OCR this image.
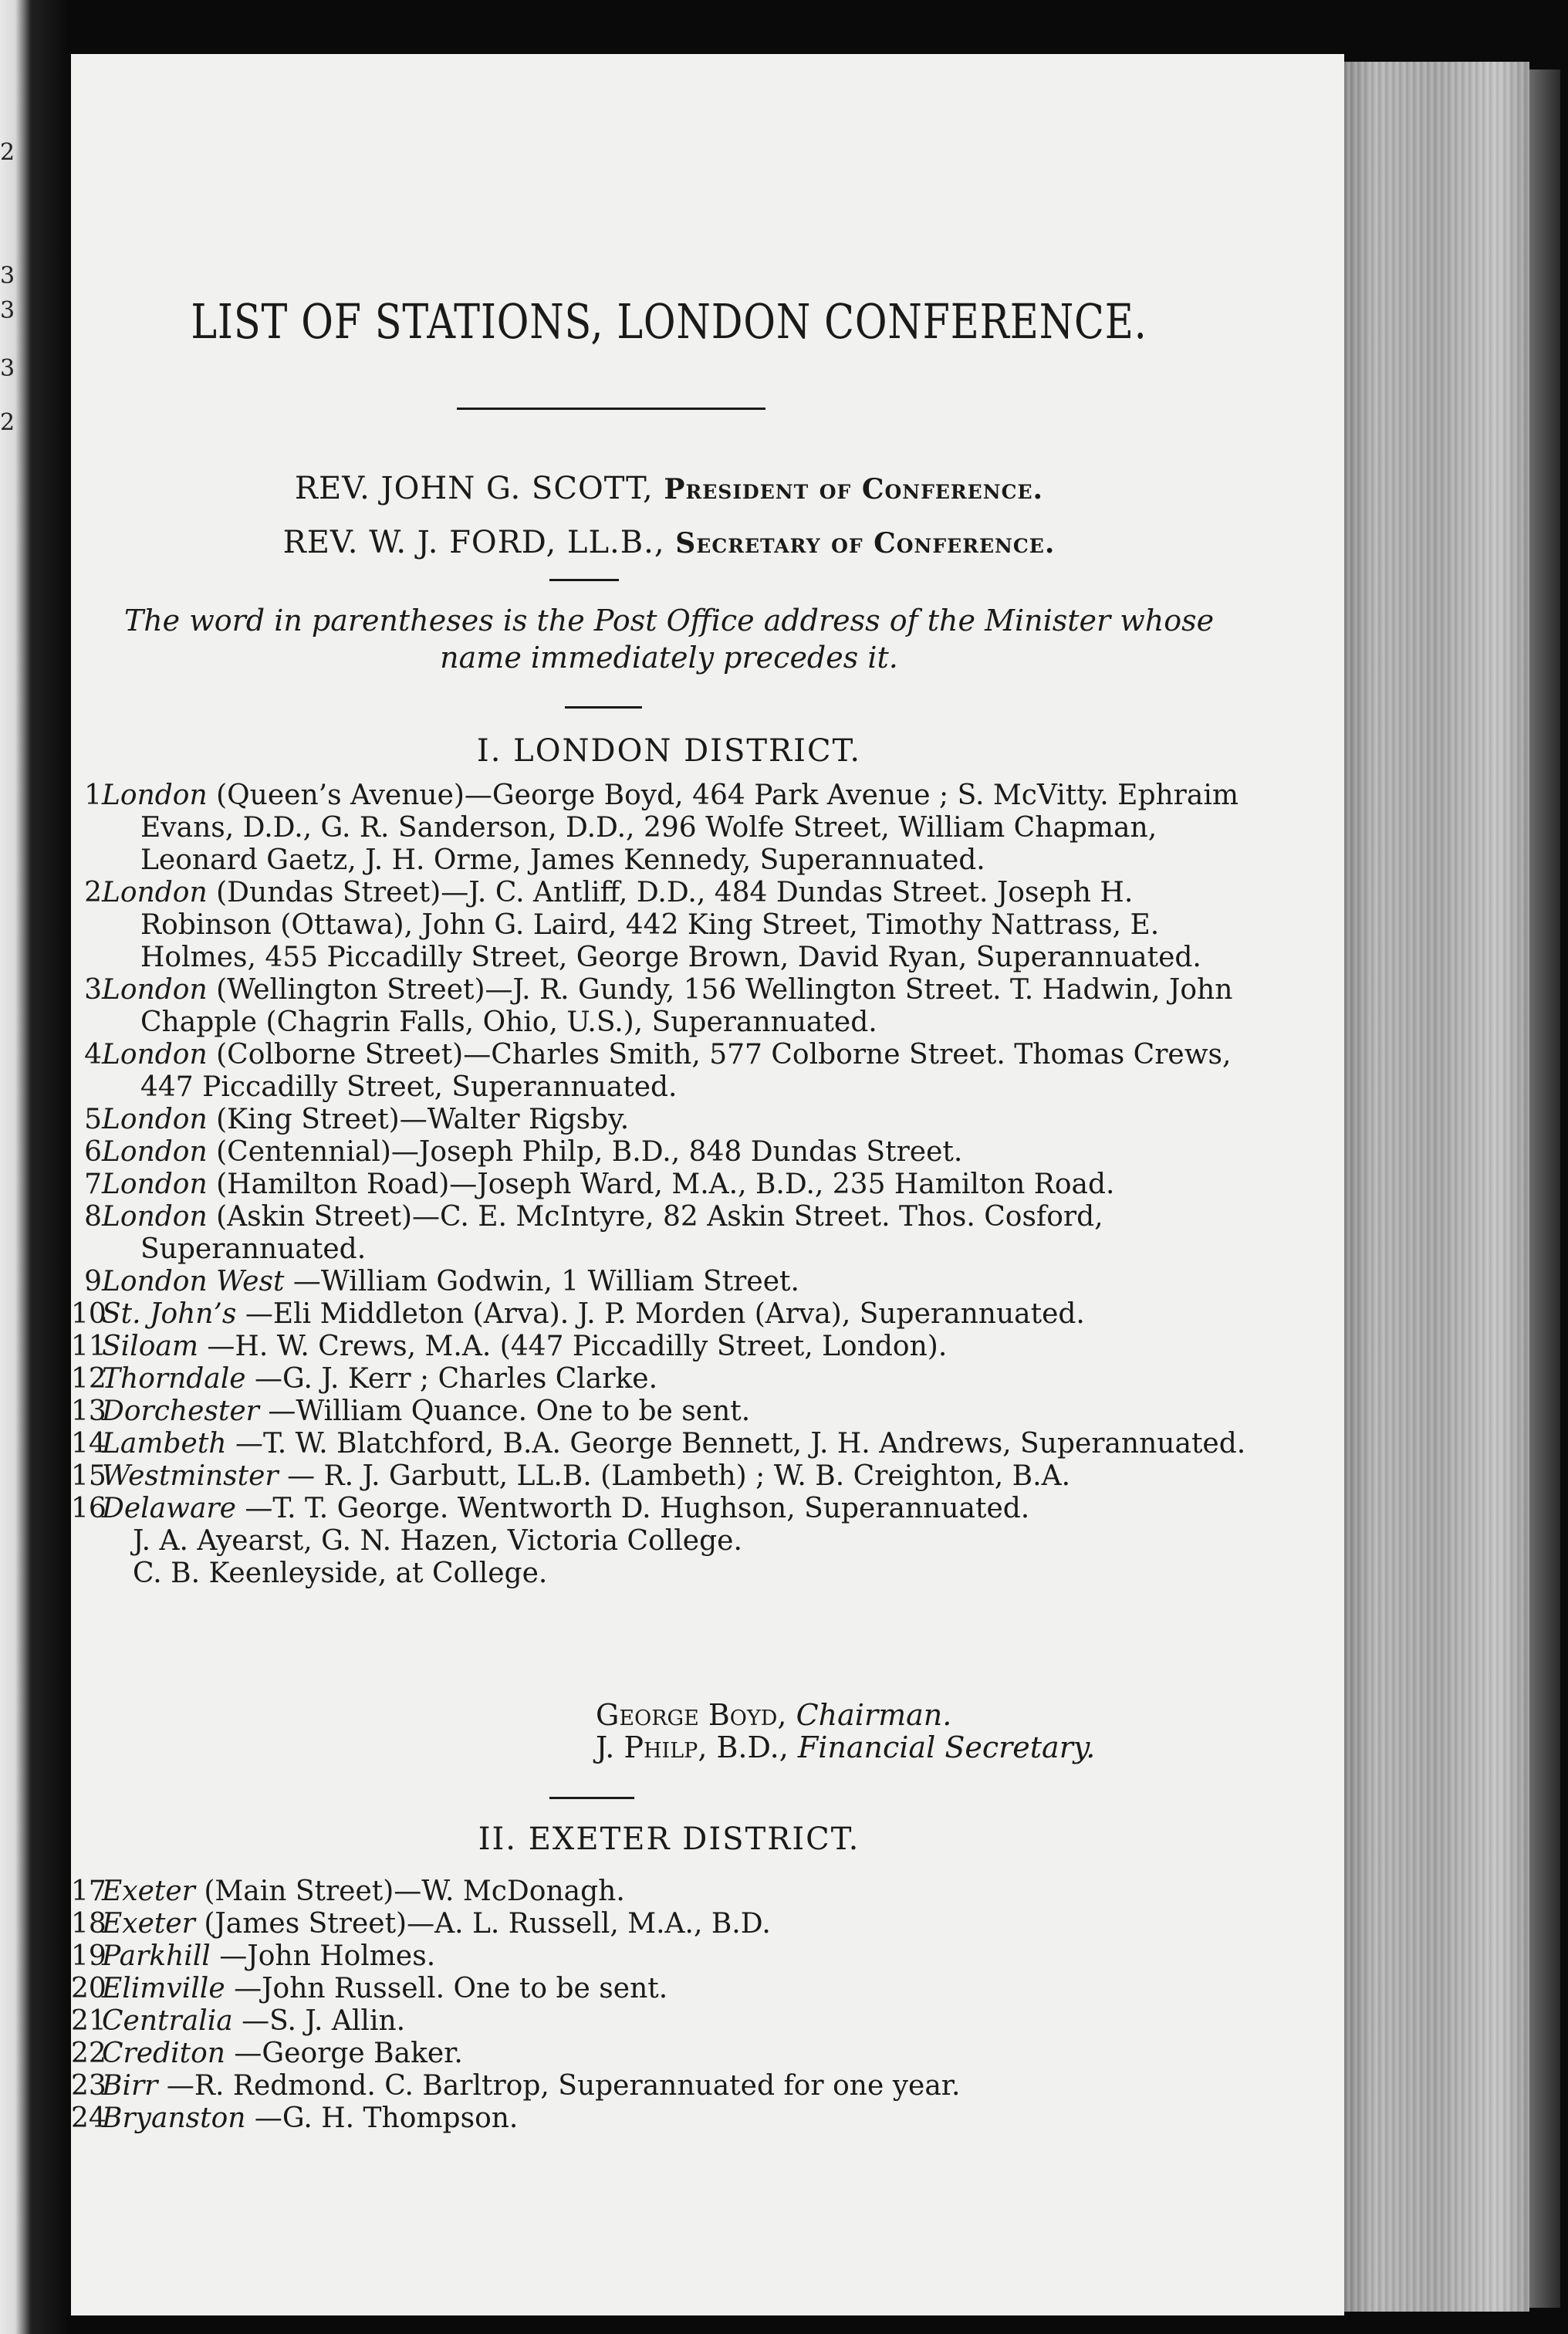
2
3
3
3
2
LIST OF STATIONS, LONDON CONFERENCE.
REV. JOHN G. SCOTT, President of Conference.
REV. W. J. FORD, LL.B., Secretary of Conference.
The word in parentheses is the Post Office address of the Minister whose
name immediately precedes it.
I. LONDON DISTRICT.
1 London (Queen’s Avenue)—George Boyd, 464 Park Avenue ; S. McVitty. Ephraim Evans, D.D., G. R. Sanderson, D.D., 296 Wolfe Street, William Chapman, Leonard Gaetz, J. H. Orme, James Kennedy, Superannuated.
2 London (Dundas Street)—J. C. Antliff, D.D., 484 Dundas Street. Joseph H. Robinson (Ottawa), John G. Laird, 442 King Street, Timothy Nattrass, E. Holmes, 455 Piccadilly Street, George Brown, David Ryan, Superannuated.
3 London (Wellington Street)—J. R. Gundy, 156 Wellington Street. T. Hadwin, John Chapple (Chagrin Falls, Ohio, U.S.), Superannuated.
4 London (Colborne Street)—Charles Smith, 577 Colborne Street. Thomas Crews, 447 Piccadilly Street, Superannuated.
5 London (King Street)—Walter Rigsby.
6 London (Centennial)—Joseph Philp, B.D., 848 Dundas Street.
7 London (Hamilton Road)—Joseph Ward, M.A., B.D., 235 Hamilton Road.
8 London (Askin Street)—C. E. McIntyre, 82 Askin Street. Thos. Cosford, Superannuated.
9 London West —William Godwin, 1 William Street.
10
St. John’s —Eli Middleton (Arva). J. P. Morden (Arva), Superannuated.
11
Siloam —H. W. Crews, M.A. (447 Piccadilly Street, London).
12
Thorndale —G. J. Kerr ; Charles Clarke.
13
Dorchester —William Quance. One to be sent.
14
Lambeth —T. W. Blatchford, B.A. George Bennett, J. H. Andrews, Superannuated.
15
Westminster — R. J. Garbutt, LL.B. (Lambeth) ; W. B. Creighton, B.A.
16
Delaware —T. T. George. Wentworth D. Hughson, Superannuated.
J. A. Ayearst, G. N. Hazen, Victoria College.
C. B. Keenleyside, at College.
George Boyd, Chairman.
J. Philp, B.D., Financial Secretary.
II. EXETER DISTRICT.
17
Exeter (Main Street)—W. McDonagh.
18
Exeter (James Street)—A. L. Russell, M.A., B.D.
19
Parkhill —John Holmes.
20
Elimville —John Russell. One to be sent.
21
Centralia —S. J. Allin.
22
Crediton —George Baker.
23
Birr —R. Redmond. C. Barltrop, Superannuated for one year.
24
Bryanston —G. H. Thompson.
